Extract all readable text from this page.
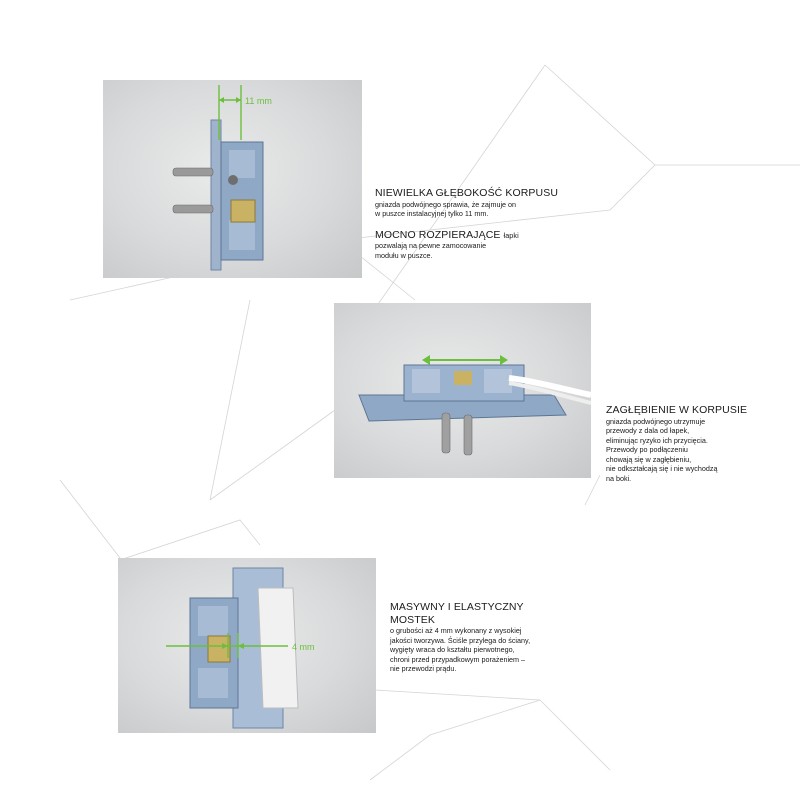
11 mm

NIEWIELKA GŁĘBOKOŚĆ KORPUSU

gniazda podwójnego sprawia, że zajmuje on
w puszce instalacyjnej tylko 11 mm.

MOCNO ROZPIERAJĄCE łapki

pozwalają na pewne zamocowanie
modułu w puszce.

ZAGŁĘBIENIE W KORPUSIE

gniazda podwójnego utrzymuje
przewody z dala od łapek,
eliminując ryzyko ich przycięcia.
Przewody po podłączeniu
chowają się w zagłębieniu,
nie odkształcają się i nie wychodzą
na boki.

4 mm

MASYWNY I ELASTYCZNY MOSTEK

o grubości aż 4 mm wykonany z wysokiej
jakości tworzywa. Ściśle przylega do ściany,
wygięty wraca do kształtu pierwotnego,
chroni przed przypadkowym porażeniem –
nie przewodzi prądu.
